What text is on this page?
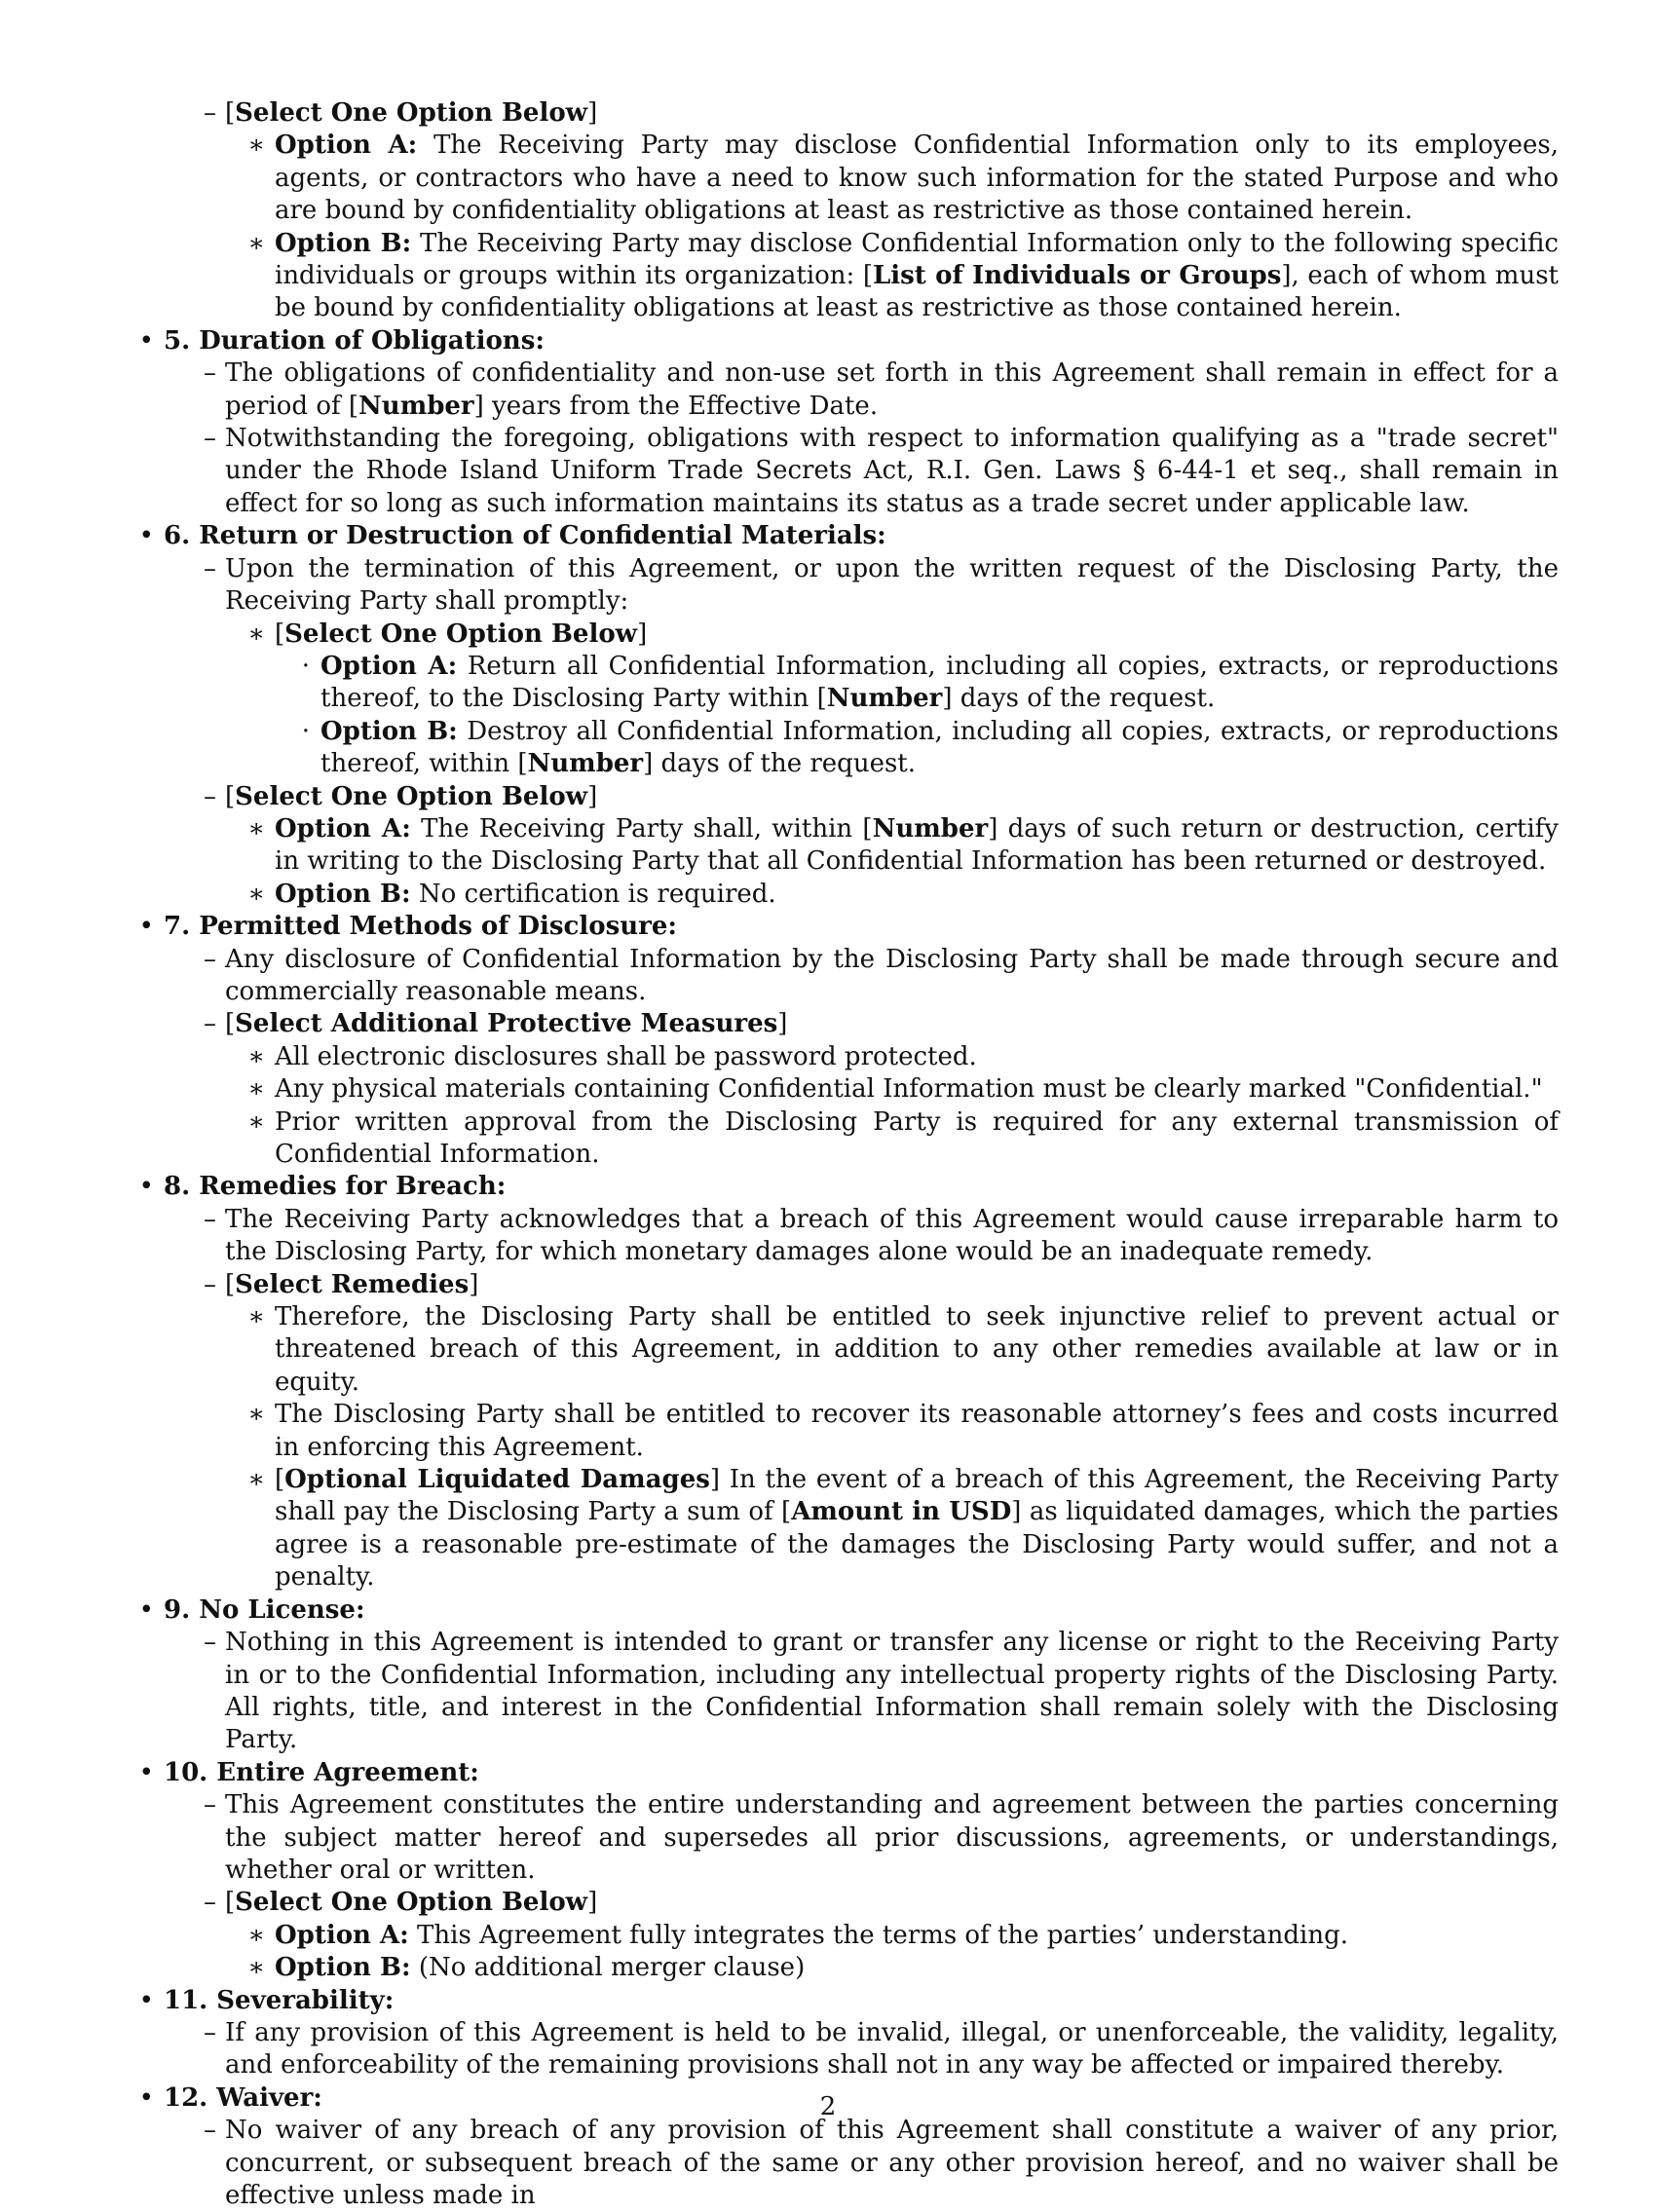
– [Select One Option Below]
∗ Option A: The Receiving Party may disclose Confidential Information only to its employees, agents, or contractors who have a need to know such information for the stated Purpose and who are bound by confidentiality obligations at least as restrictive as those contained herein.
∗ Option B: The Receiving Party may disclose Confidential Information only to the following specific individuals or groups within its organization: [List of Individuals or Groups], each of whom must be bound by confidentiality obligations at least as restrictive as those contained herein.
• 5. Duration of Obligations:
– The obligations of confidentiality and non-use set forth in this Agreement shall remain in effect for a period of [Number] years from the Effective Date.
– Notwithstanding the foregoing, obligations with respect to information qualifying as a "trade secret" under the Rhode Island Uniform Trade Secrets Act, R.I. Gen. Laws § 6-44-1 et seq., shall remain in effect for so long as such information maintains its status as a trade secret under applicable law.
• 6. Return or Destruction of Confidential Materials:
– Upon the termination of this Agreement, or upon the written request of the Disclosing Party, the Receiving Party shall promptly:
∗ [Select One Option Below]
· Option A: Return all Confidential Information, including all copies, extracts, or reproductions thereof, to the Disclosing Party within [Number] days of the request.
· Option B: Destroy all Confidential Information, including all copies, extracts, or reproductions thereof, within [Number] days of the request.
– [Select One Option Below]
∗ Option A: The Receiving Party shall, within [Number] days of such return or destruction, certify in writing to the Disclosing Party that all Confidential Information has been returned or destroyed.
∗ Option B: No certification is required.
• 7. Permitted Methods of Disclosure:
– Any disclosure of Confidential Information by the Disclosing Party shall be made through secure and commercially reasonable means.
– [Select Additional Protective Measures]
∗ All electronic disclosures shall be password protected.
∗ Any physical materials containing Confidential Information must be clearly marked "Confidential."
∗ Prior written approval from the Disclosing Party is required for any external transmission of Confidential Information.
• 8. Remedies for Breach:
– The Receiving Party acknowledges that a breach of this Agreement would cause irreparable harm to the Disclosing Party, for which monetary damages alone would be an inadequate remedy.
– [Select Remedies]
∗ Therefore, the Disclosing Party shall be entitled to seek injunctive relief to prevent actual or threatened breach of this Agreement, in addition to any other remedies available at law or in equity.
∗ The Disclosing Party shall be entitled to recover its reasonable attorney’s fees and costs incurred in enforcing this Agreement.
∗ [Optional Liquidated Damages] In the event of a breach of this Agreement, the Receiving Party shall pay the Disclosing Party a sum of [Amount in USD] as liquidated damages, which the parties agree is a reasonable pre-estimate of the damages the Disclosing Party would suffer, and not a penalty.
• 9. No License:
– Nothing in this Agreement is intended to grant or transfer any license or right to the Receiving Party in or to the Confidential Information, including any intellectual property rights of the Disclosing Party. All rights, title, and interest in the Confidential Information shall remain solely with the Disclosing Party.
• 10. Entire Agreement:
– This Agreement constitutes the entire understanding and agreement between the parties concerning the subject matter hereof and supersedes all prior discussions, agreements, or understandings, whether oral or written.
– [Select One Option Below]
∗ Option A: This Agreement fully integrates the terms of the parties’ understanding.
∗ Option B: (No additional merger clause)
• 11. Severability:
– If any provision of this Agreement is held to be invalid, illegal, or unenforceable, the validity, legality, and enforceability of the remaining provisions shall not in any way be affected or impaired thereby.
• 12. Waiver:
– No waiver of any breach of any provision of this Agreement shall constitute a waiver of any prior, concurrent, or subsequent breach of the same or any other provision hereof, and no waiver shall be effective unless made in
2
